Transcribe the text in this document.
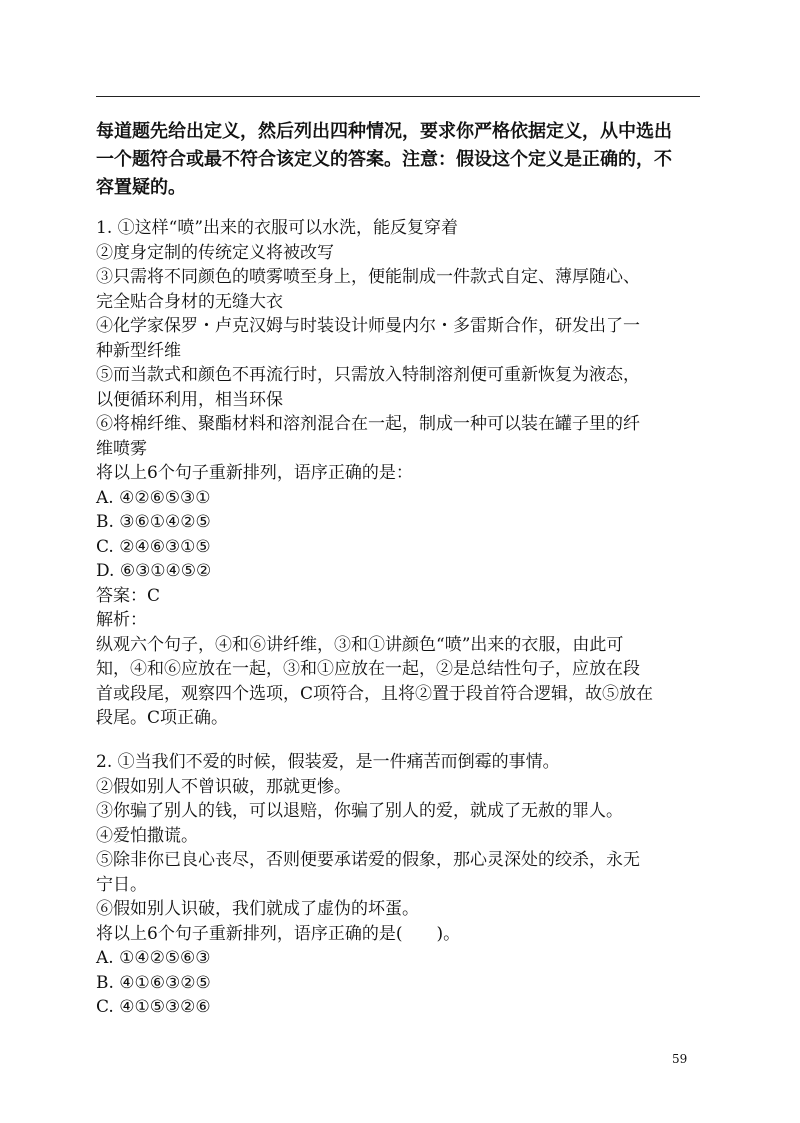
每道题先给出定义，然后列出四种情况，要求你严格依据定义，从中选出
一个题符合或最不符合该定义的答案。注意：假设这个定义是正确的，不
容置疑的。
1. ①这样“喷”出来的衣服可以水洗，能反复穿着
②度身定制的传统定义将被改写
③只需将不同颜色的喷雾喷至身上，便能制成一件款式自定、薄厚随心、
完全贴合身材的无缝大衣
④化学家保罗・卢克汉姆与时装设计师曼内尔・多雷斯合作，研发出了一
种新型纤维
⑤而当款式和颜色不再流行时，只需放入特制溶剂便可重新恢复为液态，
以便循环利用，相当环保
⑥将棉纤维、聚酯材料和溶剂混合在一起，制成一种可以装在罐子里的纤
维喷雾
将以上6个句子重新排列，语序正确的是：
A. ④②⑥⑤③①
B. ③⑥①④②⑤
C. ②④⑥③①⑤
D. ⑥③①④⑤②
答案：C
解析：
纵观六个句子，④和⑥讲纤维，③和①讲颜色“喷”出来的衣服，由此可
知，④和⑥应放在一起，③和①应放在一起，②是总结性句子，应放在段
首或段尾，观察四个选项，C项符合，且将②置于段首符合逻辑，故⑤放在
段尾。C项正确。
2. ①当我们不爱的时候，假装爱，是一件痛苦而倒霉的事情。
②假如别人不曾识破，那就更惨。
③你骗了别人的钱，可以退赔，你骗了别人的爱，就成了无赦的罪人。
④爱怕撒谎。
⑤除非你已良心丧尽，否则便要承诺爱的假象，那心灵深处的绞杀，永无
宁日。
⑥假如别人识破，我们就成了虚伪的坏蛋。
将以上6个句子重新排列，语序正确的是(　　)。
A. ①④②⑤⑥③
B. ④①⑥③②⑤
C. ④①⑤③②⑥
59
